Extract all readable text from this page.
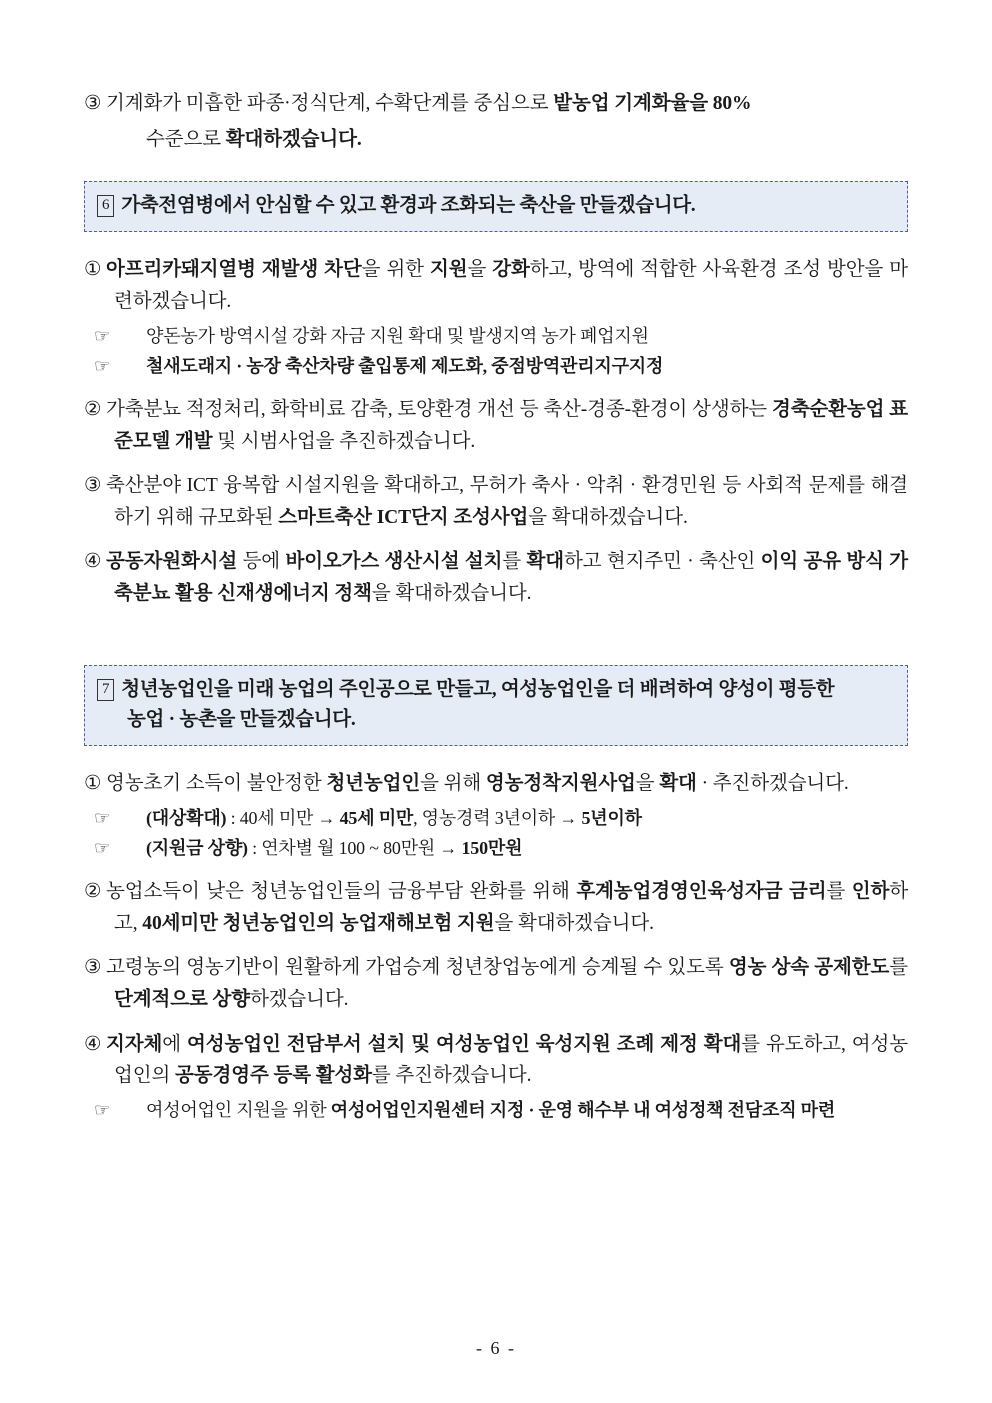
③ 기계화가 미흡한 파종·정식단계, 수확단계를 중심으로 밭농업 기계화율을 80%

수준으로 확대하겠습니다.

6 가축전염병에서 안심할 수 있고 환경과 조화되는 축산을 만들겠습니다.

① 아프리카돼지열병 재발생 차단을 위한 지원을 강화하고, 방역에 적합한 사육환경 조성 방안을 마련하겠습니다.

☞ 양돈농가 방역시설 강화 자금 지원 확대 및 발생지역 농가 폐업지원

☞ 철새도래지 · 농장 축산차량 출입통제 제도화, 중점방역관리지구지정

② 가축분뇨 적정처리, 화학비료 감축, 토양환경 개선 등 축산-경종-환경이 상생하는 경축순환농업 표준모델 개발 및 시범사업을 추진하겠습니다.

③ 축산분야 ICT 융복합 시설지원을 확대하고, 무허가 축사 · 악취 · 환경민원 등 사회적 문제를 해결하기 위해 규모화된 스마트축산 ICT단지 조성사업을 확대하겠습니다.

④ 공동자원화시설 등에 바이오가스 생산시설 설치를 확대하고 현지주민 · 축산인 이익 공유 방식 가축분뇨 활용 신재생에너지 정책을 확대하겠습니다.

7 청년농업인을 미래 농업의 주인공으로 만들고, 여성농업인을 더 배려하여 양성이 평등한
농업 · 농촌을 만들겠습니다.

① 영농초기 소득이 불안정한 청년농업인을 위해 영농정착지원사업을 확대 · 추진하겠습니다.

☞ (대상확대) : 40세 미만 → 45세 미만, 영농경력 3년이하 → 5년이하

☞ (지원금 상향) : 연차별 월 100 ~ 80만원 → 150만원

② 농업소득이 낮은 청년농업인들의 금융부담 완화를 위해 후계농업경영인육성자금 금리를 인하하고, 40세미만 청년농업인의 농업재해보험 지원을 확대하겠습니다.

③ 고령농의 영농기반이 원활하게 가업승계 청년창업농에게 승계될 수 있도록 영농 상속 공제한도를 단계적으로 상향하겠습니다.

④ 지자체에 여성농업인 전담부서 설치 및 여성농업인 육성지원 조례 제정 확대를 유도하고, 여성농업인의 공동경영주 등록 활성화를 추진하겠습니다.

☞ 여성어업인 지원을 위한 여성어업인지원센터 지정 · 운영 해수부 내 여성정책 전담조직 마련

- 6 -
